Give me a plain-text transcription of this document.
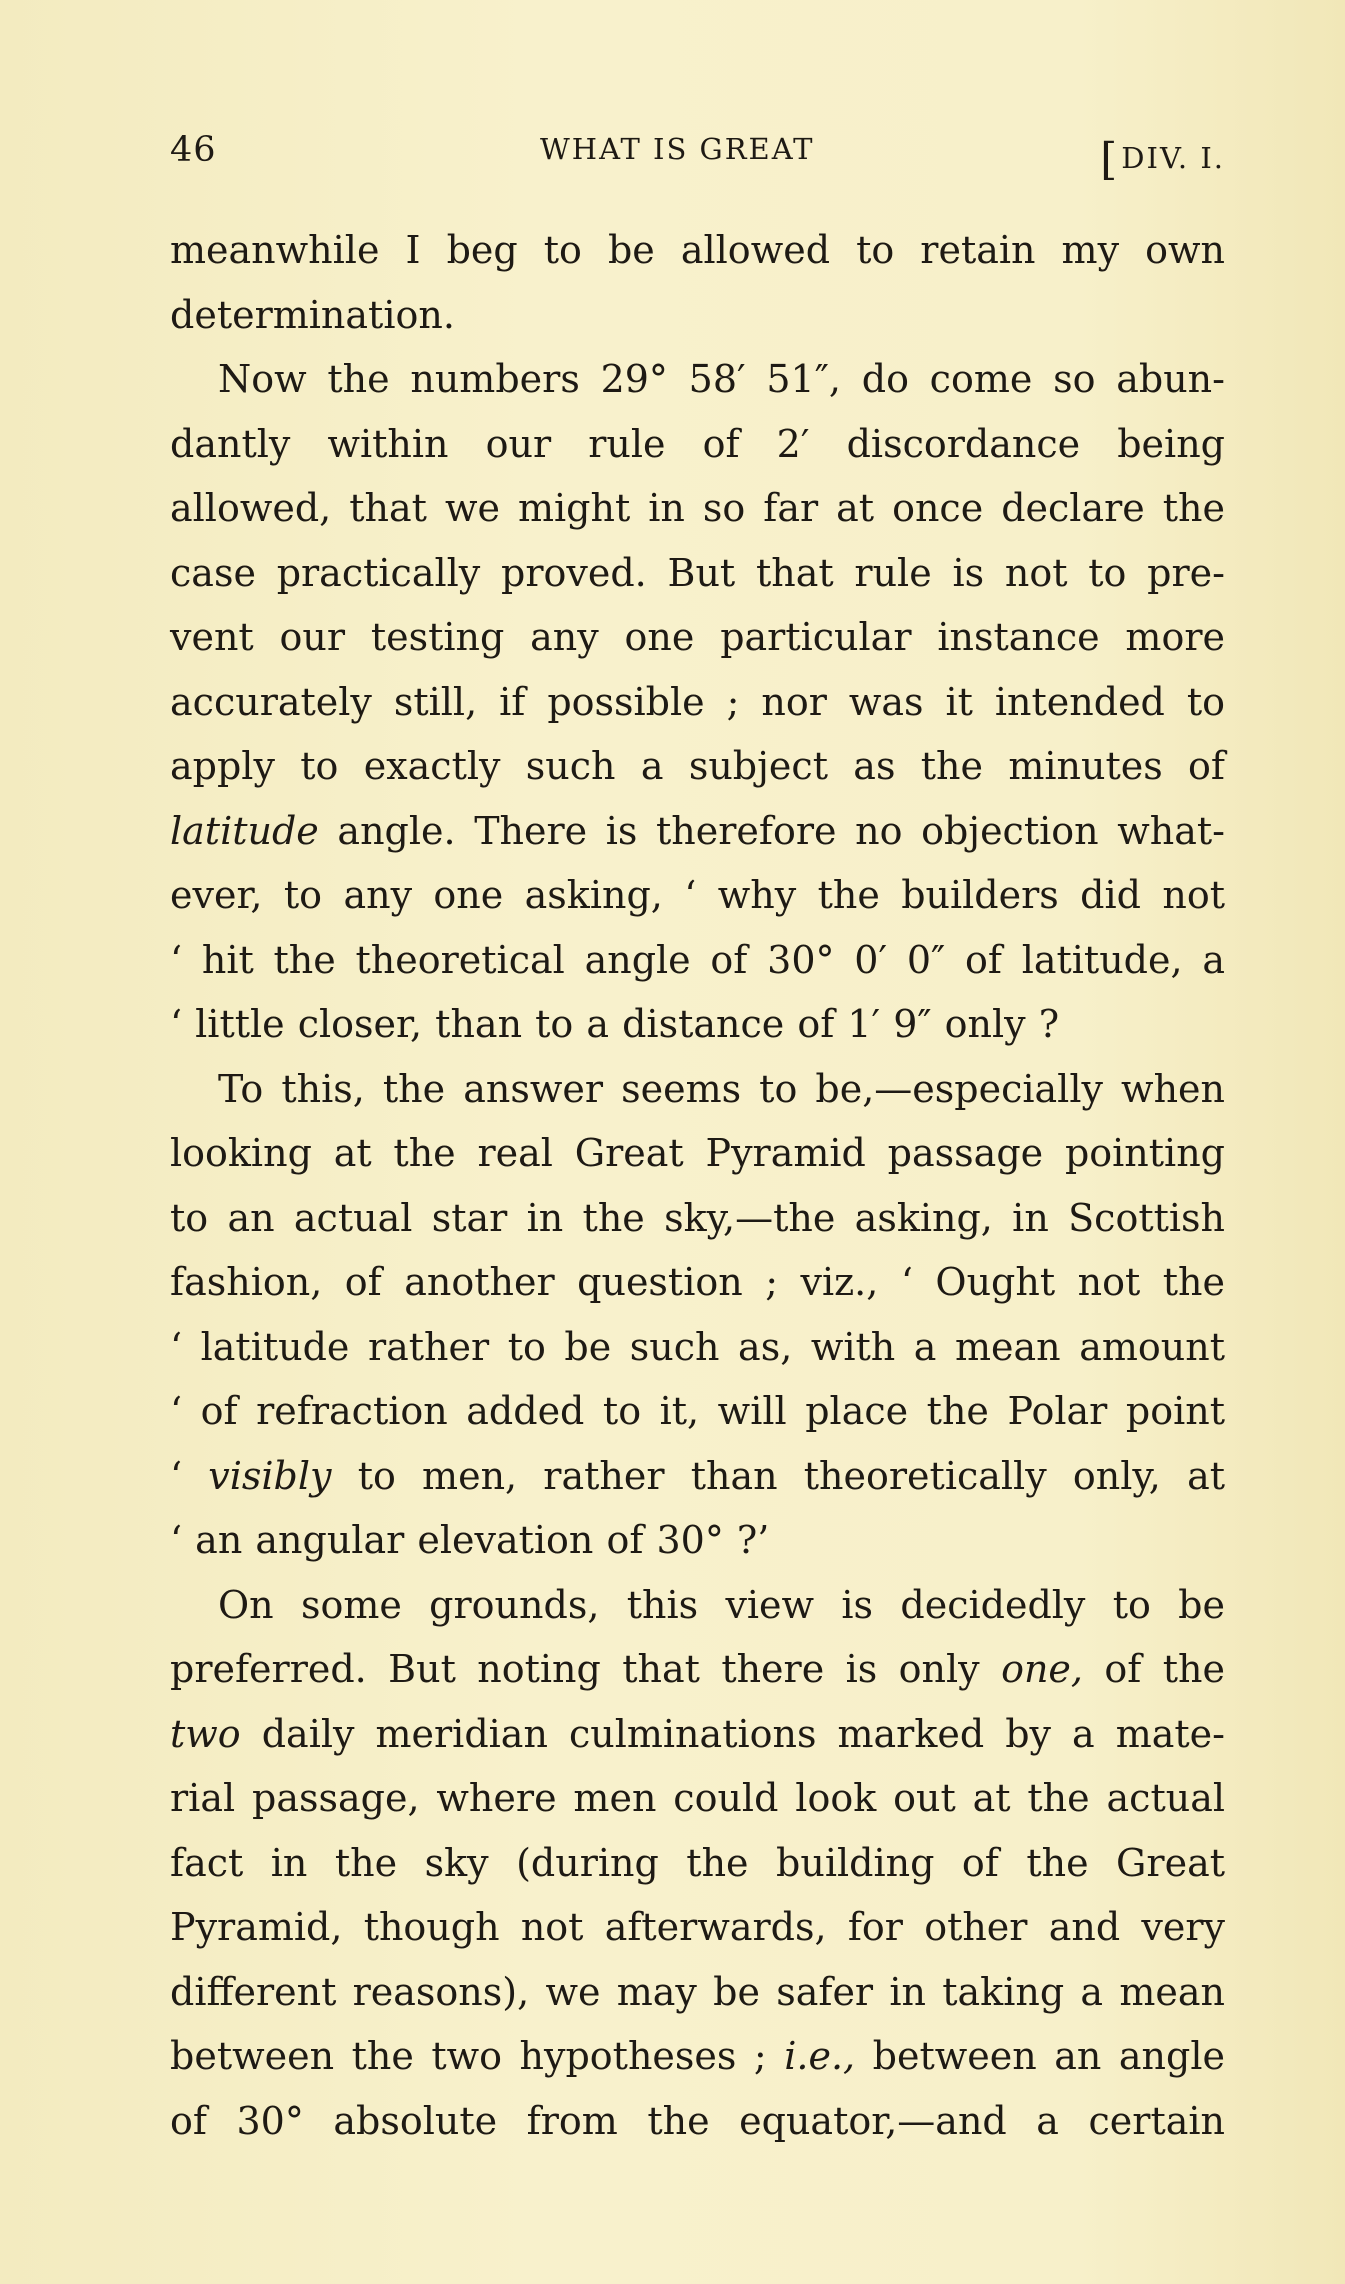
46	WHAT IS GREAT	[DIV. I.
meanwhile I beg to be allowed to retain my own
determination.
Now the numbers 29° 58′ 51″, do come so abun-
dantly within our rule of 2′ discordance being
allowed, that we might in so far at once declare the
case practically proved. But that rule is not to pre-
vent our testing any one particular instance more
accurately still, if possible ; nor was it intended to
apply to exactly such a subject as the minutes of
latitude angle. There is therefore no objection what-
ever, to any one asking, ‘ why the builders did not
‘ hit the theoretical angle of 30° 0′ 0″ of latitude, a
‘ little closer, than to a distance of 1′ 9″ only ?
To this, the answer seems to be,—especially when
looking at the real Great Pyramid passage pointing
to an actual star in the sky,—the asking, in Scottish
fashion, of another question ; viz., ‘ Ought not the
‘ latitude rather to be such as, with a mean amount
‘ of refraction added to it, will place the Polar point
‘ visibly to men, rather than theoretically only, at
‘ an angular elevation of 30° ?’
On some grounds, this view is decidedly to be
preferred. But noting that there is only one, of the
two daily meridian culminations marked by a mate-
rial passage, where men could look out at the actual
fact in the sky (during the building of the Great
Pyramid, though not afterwards, for other and very
different reasons), we may be safer in taking a mean
between the two hypotheses ; i.e., between an angle
of 30° absolute from the equator,—and a certain
